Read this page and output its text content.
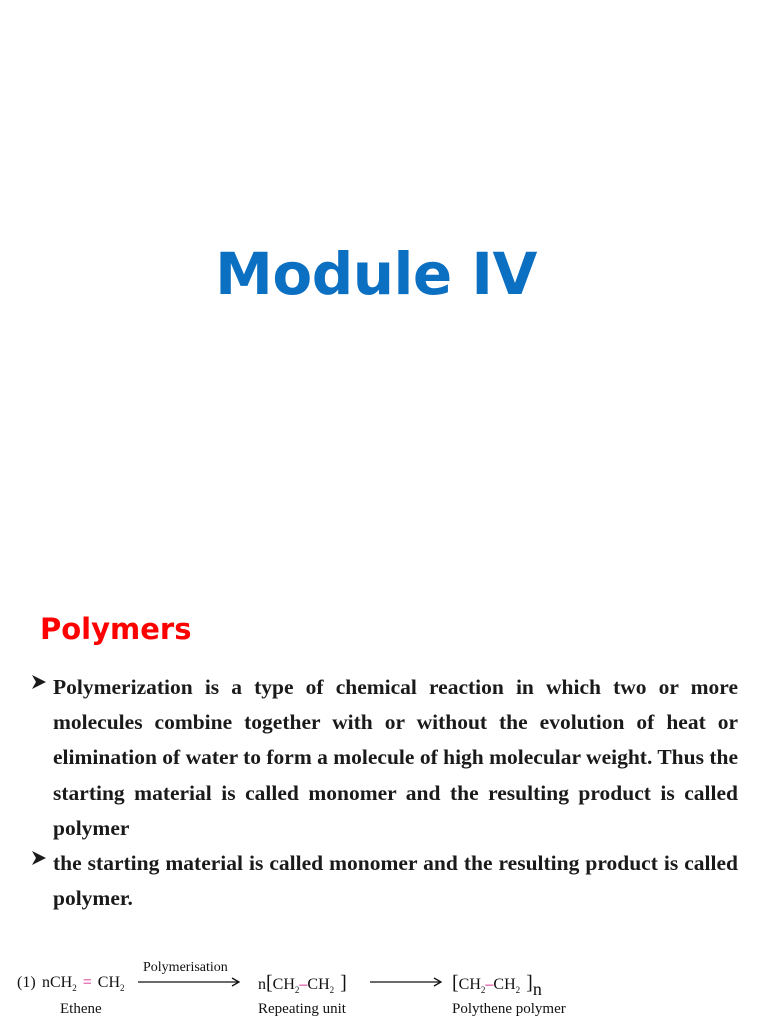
Module IV
Polymers
Polymerization is a type of chemical reaction in which two or more molecules combine together with or without the evolution of heat or elimination of water to form a molecule of high molecular weight. Thus the starting material is called monomer and the resulting product is called polymer
the starting material is called monomer and the resulting product is called polymer.
(1) $nCH_2 = CH_2$
Polymerisation
$n[CH_2-CH_2$ ]	[$CH_2-CH_2$ ]n
Ethene	Repeating unit	Polythene polymer
